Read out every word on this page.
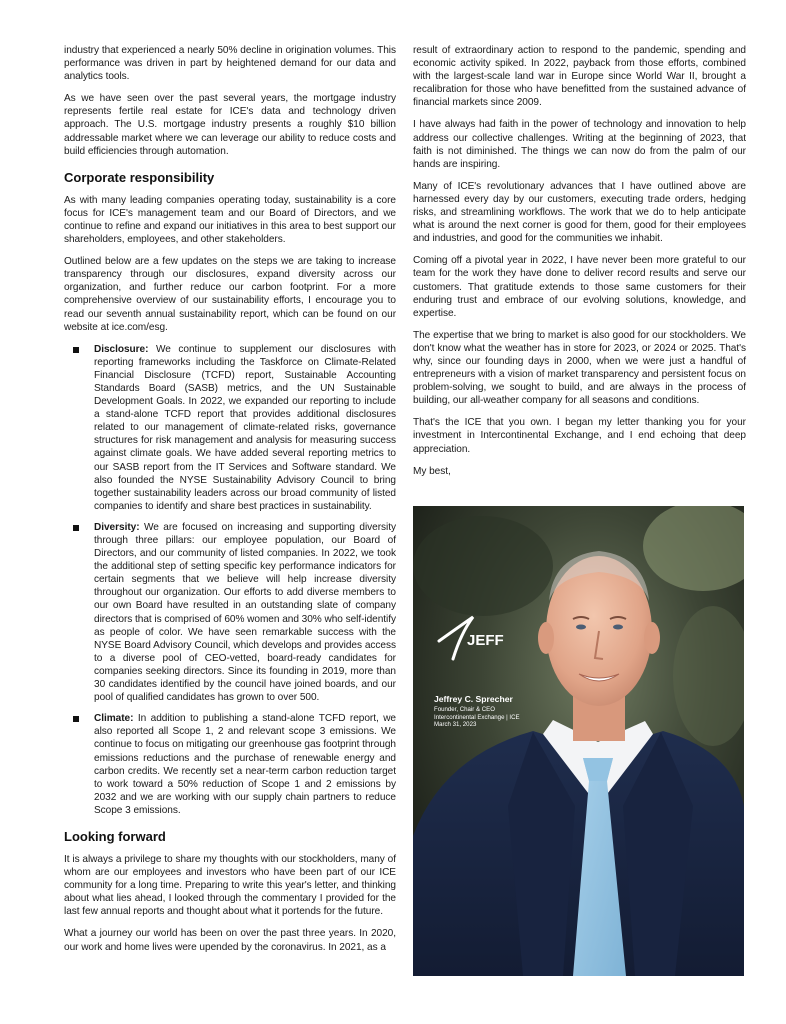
industry that experienced a nearly 50% decline in origination volumes. This performance was driven in part by heightened demand for our data and analytics tools.

As we have seen over the past several years, the mortgage industry represents fertile real estate for ICE's data and technology driven approach. The U.S. mortgage industry presents a roughly $10 billion addressable market where we can leverage our ability to reduce costs and build efficiencies through automation.

Corporate responsibility

As with many leading companies operating today, sustainability is a core focus for ICE's management team and our Board of Directors, and we continue to refine and expand our initiatives in this area to best support our shareholders, employees, and other stakeholders.

Outlined below are a few updates on the steps we are taking to increase transparency through our disclosures, expand diversity across our organization, and further reduce our carbon footprint. For a more comprehensive overview of our sustainability efforts, I encourage you to read our seventh annual sustainability report, which can be found on our website at ice.com/esg.

Disclosure: We continue to supplement our disclosures with reporting frameworks including the Taskforce on Climate-Related Financial Disclosure (TCFD) report, Sustainable Accounting Standards Board (SASB) metrics, and the UN Sustainable Development Goals. In 2022, we expanded our reporting to include a stand-alone TCFD report that provides additional disclosures related to our management of climate-related risks, governance structures for risk management and analysis for measuring success against climate goals. We have added several reporting metrics to our SASB report from the IT Services and Software standard. We also founded the NYSE Sustainability Advisory Council to bring together sustainability leaders across our broad community of listed companies to identify and share best practices in sustainability.
Diversity: We are focused on increasing and supporting diversity through three pillars: our employee population, our Board of Directors, and our community of listed companies. In 2022, we took the additional step of setting specific key performance indicators for certain segments that we believe will help increase diversity throughout our organization. Our efforts to add diverse members to our own Board have resulted in an outstanding slate of company directors that is comprised of 60% women and 30% who self-identify as people of color. We have seen remarkable success with the NYSE Board Advisory Council, which develops and provides access to a diverse pool of CEO-vetted, board-ready candidates for companies seeking directors. Since its founding in 2019, more than 30 candidates identified by the council have joined boards, and our pool of qualified candidates has grown to over 500.
Climate: In addition to publishing a stand-alone TCFD report, we also reported all Scope 1, 2 and relevant scope 3 emissions. We continue to focus on mitigating our greenhouse gas footprint through emissions reductions and the purchase of renewable energy and carbon credits. We recently set a near-term carbon reduction target to work toward a 50% reduction of Scope 1 and 2 emissions by 2032 and we are working with our supply chain partners to reduce Scope 3 emissions.
Looking forward

It is always a privilege to share my thoughts with our stockholders, many of whom are our employees and investors who have been part of our ICE community for a long time. Preparing to write this year's letter, and thinking about what lies ahead, I looked through the commentary I provided for the last few annual reports and thought about what it portends for the future.

What a journey our world has been on over the past three years. In 2020, our work and home lives were upended by the coronavirus. In 2021, as a

result of extraordinary action to respond to the pandemic, spending and economic activity spiked. In 2022, payback from those efforts, combined with the largest-scale land war in Europe since World War II, brought a recalibration for those who have benefitted from the sustained advance of financial markets since 2009.

I have always had faith in the power of technology and innovation to help address our collective challenges. Writing at the beginning of 2023, that faith is not diminished. The things we can now do from the palm of our hands are inspiring.

Many of ICE's revolutionary advances that I have outlined above are harnessed every day by our customers, executing trade orders, hedging risks, and streamlining workflows. The work that we do to help anticipate what is around the next corner is good for them, good for their employees and industries, and good for the communities we inhabit.

Coming off a pivotal year in 2022, I have never been more grateful to our team for the work they have done to deliver record results and serve our customers. That gratitude extends to those same customers for their enduring trust and embrace of our evolving solutions, knowledge, and expertise.

The expertise that we bring to market is also good for our stockholders. We don't know what the weather has in store for 2023, or 2024 or 2025. That's why, since our founding days in 2000, when we were just a handful of entrepreneurs with a vision of market transparency and persistent focus on problem-solving, we sought to build, and are always in the process of building, our all-weather company for all seasons and conditions.

That's the ICE that you own. I began my letter thanking you for your investment in Intercontinental Exchange, and I end echoing that deep appreciation.

My best,

JEFF
Jeffrey C. Sprecher
Founder, Chair & CEO
Intercontinental Exchange | ICE
March 31, 2023
